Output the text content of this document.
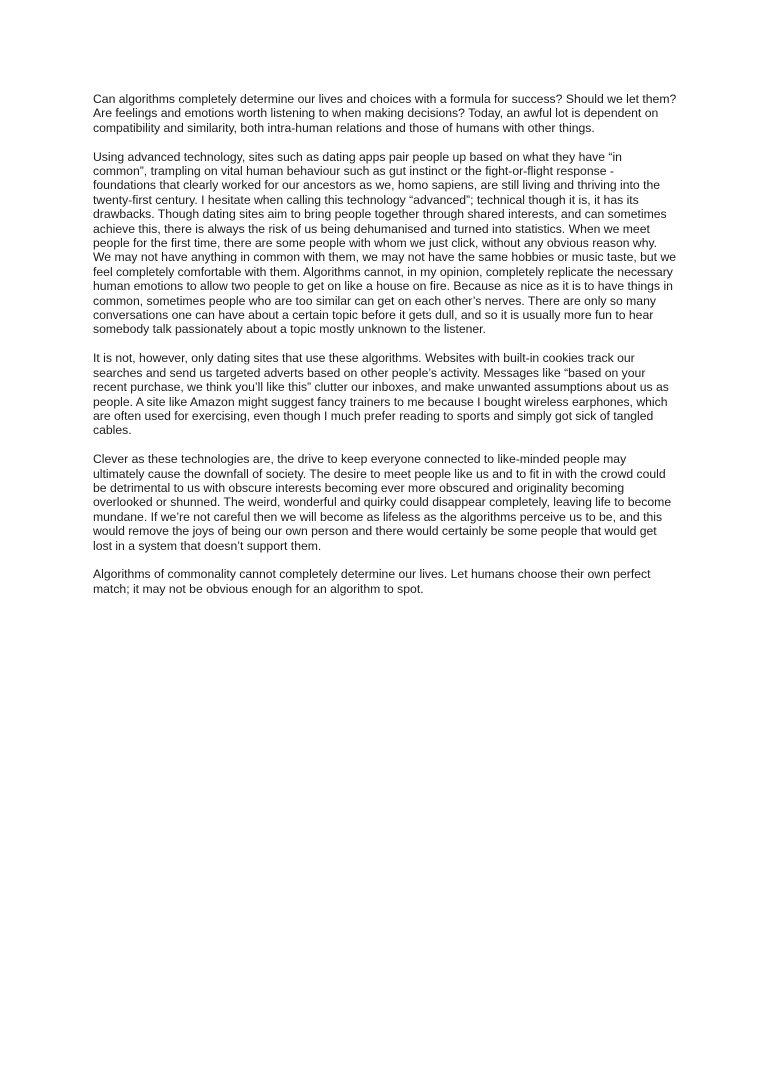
Can algorithms completely determine our lives and choices with a formula for success? Should we let them? Are feelings and emotions worth listening to when making decisions? Today, an awful lot is dependent on compatibility and similarity, both intra-human relations and those of humans with other things.

Using advanced technology, sites such as dating apps pair people up based on what they have “in common”, trampling on vital human behaviour such as gut instinct or the fight-or-flight response - foundations that clearly worked for our ancestors as we, homo sapiens, are still living and thriving into the twenty-first century. I hesitate when calling this technology “advanced”; technical though it is, it has its drawbacks. Though dating sites aim to bring people together through shared interests, and can sometimes achieve this, there is always the risk of us being dehumanised and turned into statistics. When we meet people for the first time, there are some people with whom we just click, without any obvious reason why. We may not have anything in common with them, we may not have the same hobbies or music taste, but we feel completely comfortable with them. Algorithms cannot, in my opinion, completely replicate the necessary human emotions to allow two people to get on like a house on fire. Because as nice as it is to have things in common, sometimes people who are too similar can get on each other’s nerves. There are only so many conversations one can have about a certain topic before it gets dull, and so it is usually more fun to hear somebody talk passionately about a topic mostly unknown to the listener.

It is not, however, only dating sites that use these algorithms. Websites with built-in cookies track our searches and send us targeted adverts based on other people’s activity. Messages like “based on your recent purchase, we think you’ll like this” clutter our inboxes, and make unwanted assumptions about us as people. A site like Amazon might suggest fancy trainers to me because I bought wireless earphones, which are often used for exercising, even though I much prefer reading to sports and simply got sick of tangled cables.

Clever as these technologies are, the drive to keep everyone connected to like-minded people may ultimately cause the downfall of society. The desire to meet people like us and to fit in with the crowd could be detrimental to us with obscure interests becoming ever more obscured and originality becoming overlooked or shunned. The weird, wonderful and quirky could disappear completely, leaving life to become mundane. If we’re not careful then we will become as lifeless as the algorithms perceive us to be, and this would remove the joys of being our own person and there would certainly be some people that would get lost in a system that doesn’t support them.

Algorithms of commonality cannot completely determine our lives. Let humans choose their own perfect match; it may not be obvious enough for an algorithm to spot.
